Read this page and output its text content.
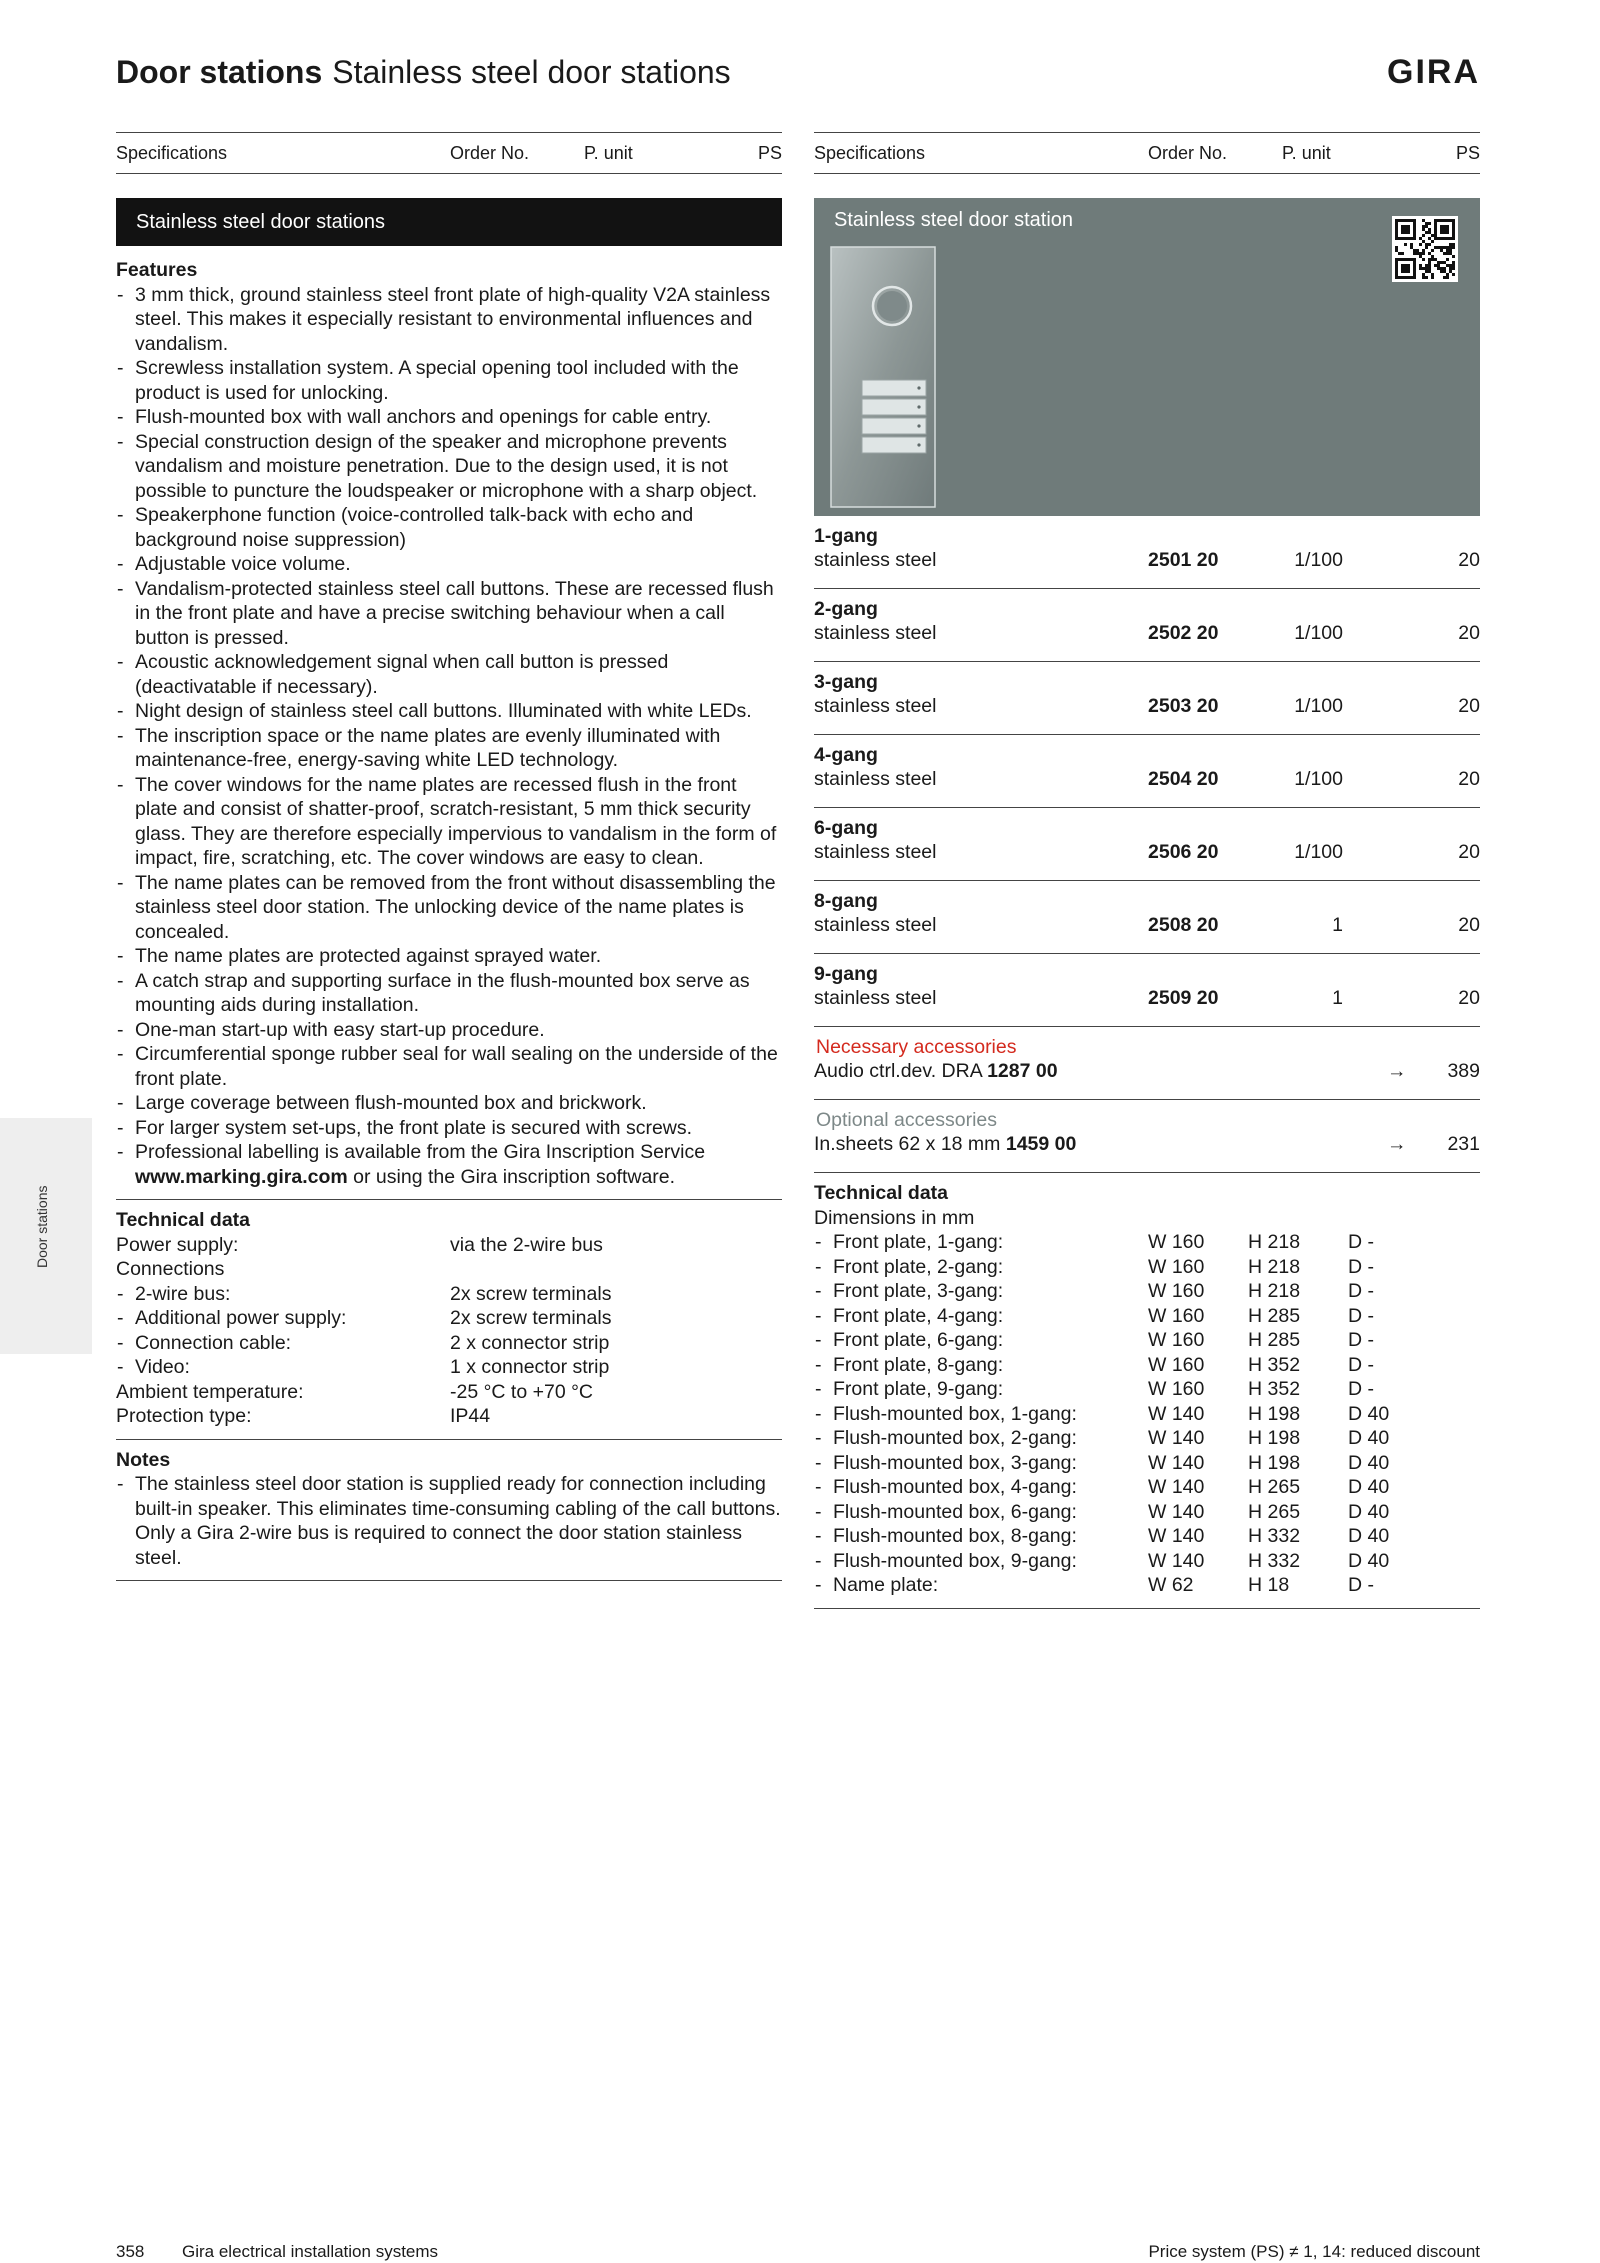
Door stations Stainless steel door stations	GIRA
Specifications	Order No.	P. unit	PS Specifications	Order No.	P. unit	PS
Stainless steel door stations
Features
- 3 mm thick, ground stainless steel front plate of high-quality V2A stainless steel. This makes it especially resistant to environmental influences and vandalism.
- Screwless installation system. A special opening tool included with the product is used for unlocking.
- Flush-mounted box with wall anchors and openings for cable entry.
- Special construction design of the speaker and microphone prevents vandalism and moisture penetration. Due to the design used, it is not possible to puncture the loudspeaker or microphone with a sharp object.
- Speakerphone function (voice-controlled talk-back with echo and background noise suppression)
- Adjustable voice volume.
- Vandalism-protected stainless steel call buttons. These are recessed flush in the front plate and have a precise switching behaviour when a call button is pressed.
- Acoustic acknowledgement signal when call button is pressed (deactivatable if necessary).
- Night design of stainless steel call buttons. Illuminated with white LEDs.
- The inscription space or the name plates are evenly illuminated with maintenance-free, energy-saving white LED technology.
- The cover windows for the name plates are recessed flush in the front plate and consist of shatter-proof, scratch-resistant, 5 mm thick security glass. They are therefore especially impervious to vandalism in the form of impact, fire, scratching, etc. The cover windows are easy to clean.
- The name plates can be removed from the front without disassembling the stainless steel door station. The unlocking device of the name plates is concealed.
- The name plates are protected against sprayed water.
- A catch strap and supporting surface in the flush-mounted box serve as mounting aids during installation.
- One-man start-up with easy start-up procedure.
- Circumferential sponge rubber seal for wall sealing on the underside of the front plate.
- Large coverage between flush-mounted box and brickwork.
- For larger system set-ups, the front plate is secured with screws.
- Professional labelling is available from the Gira Inscription Service www.marking.gira.com or using the Gira inscription software.
Technical data
Power supply:	via the 2-wire bus
Connections
- 2-wire bus:	2x screw terminals
- Additional power supply:	2x screw terminals
- Connection cable:	2 x connector strip
- Video:	1 x connector strip
Ambient temperature:	-25 °C to +70 °C
Protection type:	IP44
Notes
- The stainless steel door station is supplied ready for connection including built-in speaker. This eliminates time-consuming cabling of the call buttons. Only a Gira 2-wire bus is required to connect the door station stainless steel.
Stainless steel door station
1-gang
stainless steel	2501 20	1/100	20
2-gang
stainless steel	2502 20	1/100	20
3-gang
stainless steel	2503 20	1/100	20
4-gang
stainless steel	2504 20	1/100	20
6-gang
stainless steel	2506 20	1/100	20
8-gang
stainless steel	2508 20	1	20
9-gang
stainless steel	2509 20	1	20
Necessary accessories
Audio ctrl.dev. DRA 1287 00	→ 389
Optional accessories
In.sheets 62 x 18 mm 1459 00	→ 231
Technical data
Dimensions in mm
- Front plate, 1-gang:	W 160 H 218 D -
- Front plate, 2-gang:	W 160 H 218 D -
- Front plate, 3-gang:	W 160 H 218 D -
- Front plate, 4-gang:	W 160 H 285 D -
- Front plate, 6-gang:	W 160 H 285 D -
- Front plate, 8-gang:	W 160 H 352 D -
- Front plate, 9-gang:	W 160 H 352 D -
- Flush-mounted box, 1-gang:	W 140 H 198 D 40
- Flush-mounted box, 2-gang:	W 140 H 198 D 40
- Flush-mounted box, 3-gang:	W 140 H 198 D 40
- Flush-mounted box, 4-gang:	W 140 H 265 D 40
- Flush-mounted box, 6-gang:	W 140 H 265 D 40
- Flush-mounted box, 8-gang:	W 140 H 332 D 40
- Flush-mounted box, 9-gang:	W 140 H 332 D 40
- Name plate:	W 62	H 18	D -
Door stations
358 Gira electrical installation systems	Price system (PS) ≠ 1, 14: reduced discount
